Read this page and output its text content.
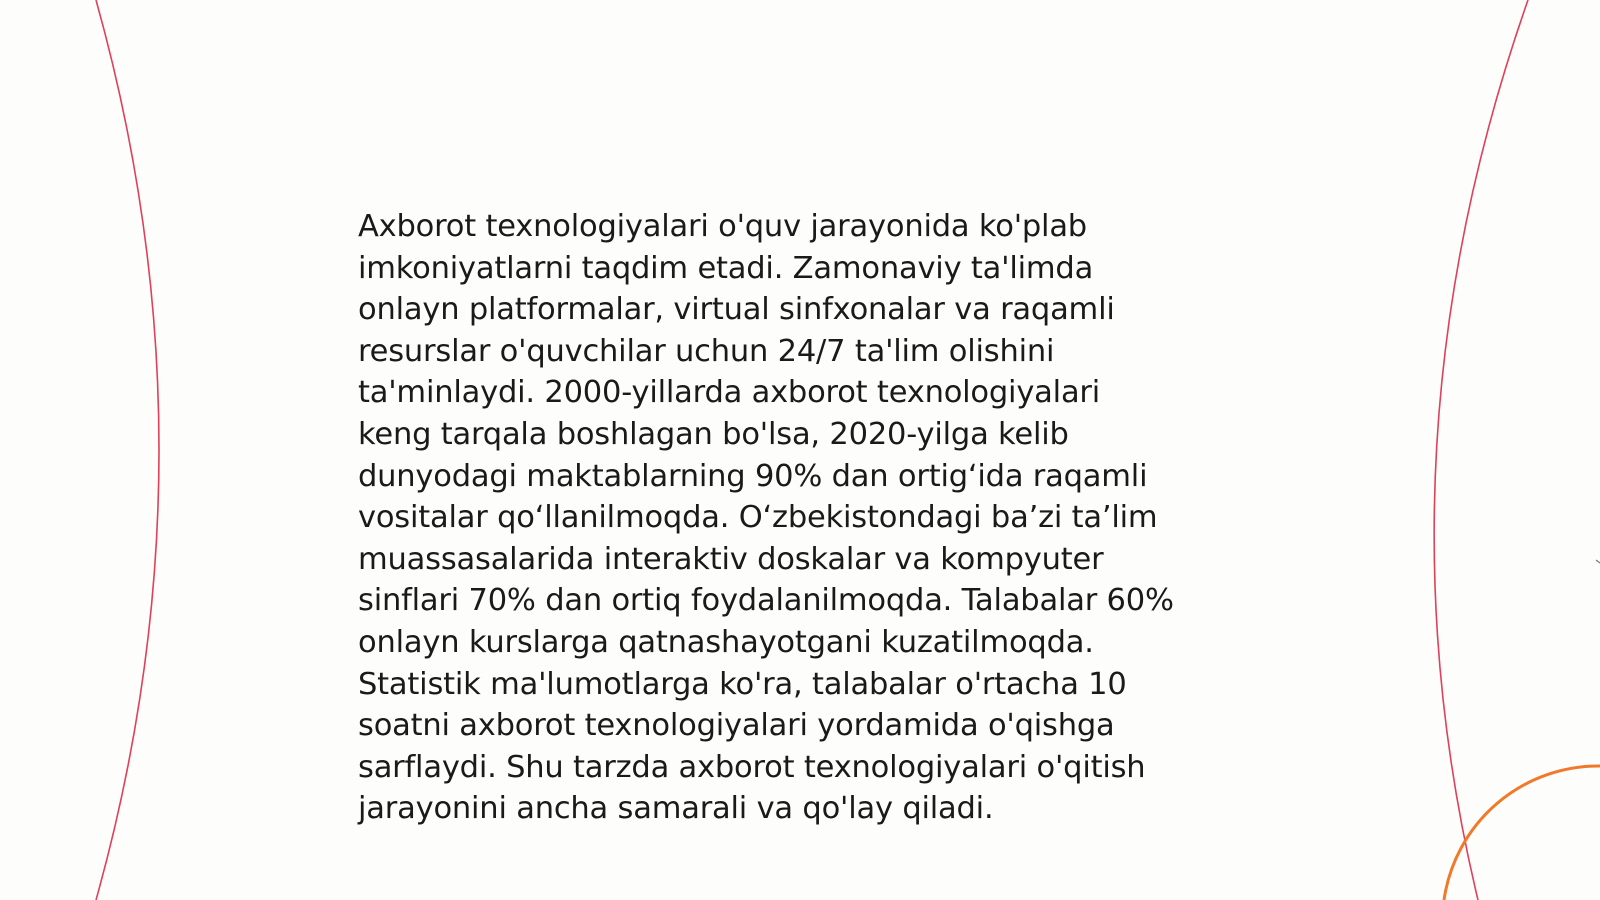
Axborot texnologiyalari o'quv jarayonida ko'plab
imkoniyatlarni taqdim etadi. Zamonaviy ta'limda
onlayn platformalar, virtual sinfxonalar va raqamli
resurslar o'quvchilar uchun 24/7 ta'lim olishini
ta'minlaydi. 2000-yillarda axborot texnologiyalari
keng tarqala boshlagan bo'lsa, 2020-yilga kelib
dunyodagi maktablarning 90% dan ortig‘ida raqamli
vositalar qo‘llanilmoqda. O‘zbekistondagi ba’zi ta’lim
muassasalarida interaktiv doskalar va kompyuter
sinflari 70% dan ortiq foydalanilmoqda. Talabalar 60%
onlayn kurslarga qatnashayotgani kuzatilmoqda.
Statistik ma'lumotlarga ko'ra, talabalar o'rtacha 10
soatni axborot texnologiyalari yordamida o'qishga
sarflaydi. Shu tarzda axborot texnologiyalari o'qitish
jarayonini ancha samarali va qo'lay qiladi.
